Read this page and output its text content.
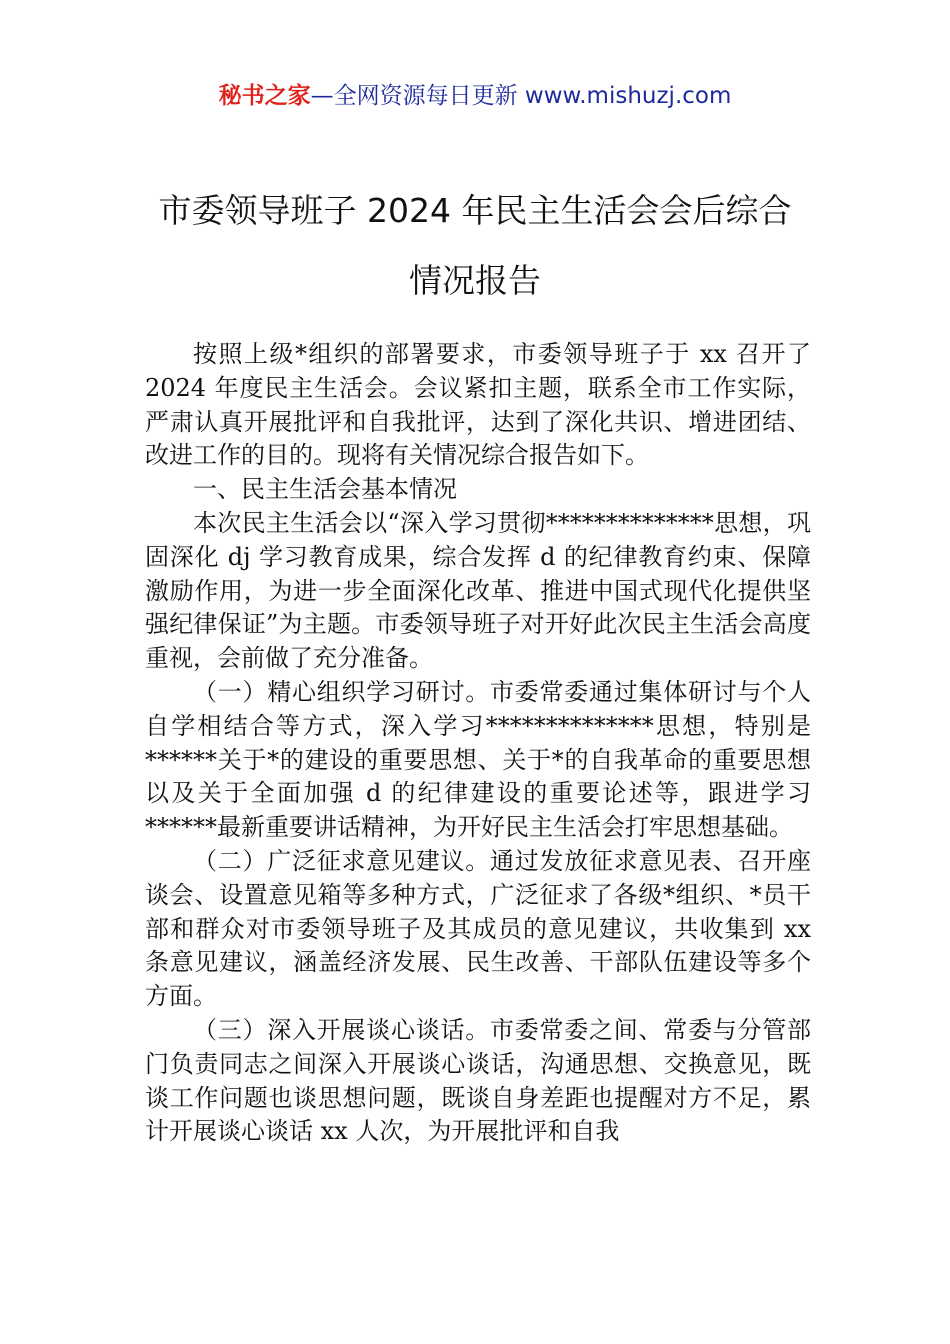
秘书之家—全网资源每日更新 www.mishuzj.com
市委领导班子 2024 年民主生活会会后综合
情况报告

按照上级*组织的部署要求，市委领导班子于 xx 召开了 2024 年度民主生活会。会议紧扣主题，联系全市工作实际，严肃认真开展批评和自我批评，达到了深化共识、增进团结、改进工作的目的。现将有关情况综合报告如下。

一、民主生活会基本情况

本次民主生活会以“深入学习贯彻**************思想，巩固深化 dj 学习教育成果，综合发挥 d 的纪律教育约束、保障激励作用，为进一步全面深化改革、推进中国式现代化提供坚强纪律保证”为主题。市委领导班子对开好此次民主生活会高度重视，会前做了充分准备。

（一）精心组织学习研讨。市委常委通过集体研讨与个人自学相结合等方式，深入学习**************思想，特别是******关于*的建设的重要思想、关于*的自我革命的重要思想以及关于全面加强 d 的纪律建设的重要论述等，跟进学习******最新重要讲话精神，为开好民主生活会打牢思想基础。

（二）广泛征求意见建议。通过发放征求意见表、召开座谈会、设置意见箱等多种方式，广泛征求了各级*组织、*员干部和群众对市委领导班子及其成员的意见建议，共收集到 xx 条意见建议，涵盖经济发展、民生改善、干部队伍建设等多个方面。

（三）深入开展谈心谈话。市委常委之间、常委与分管部门负责同志之间深入开展谈心谈话，沟通思想、交换意见，既谈工作问题也谈思想问题，既谈自身差距也提醒对方不足，累计开展谈心谈话 xx 人次，为开展批评和自我
